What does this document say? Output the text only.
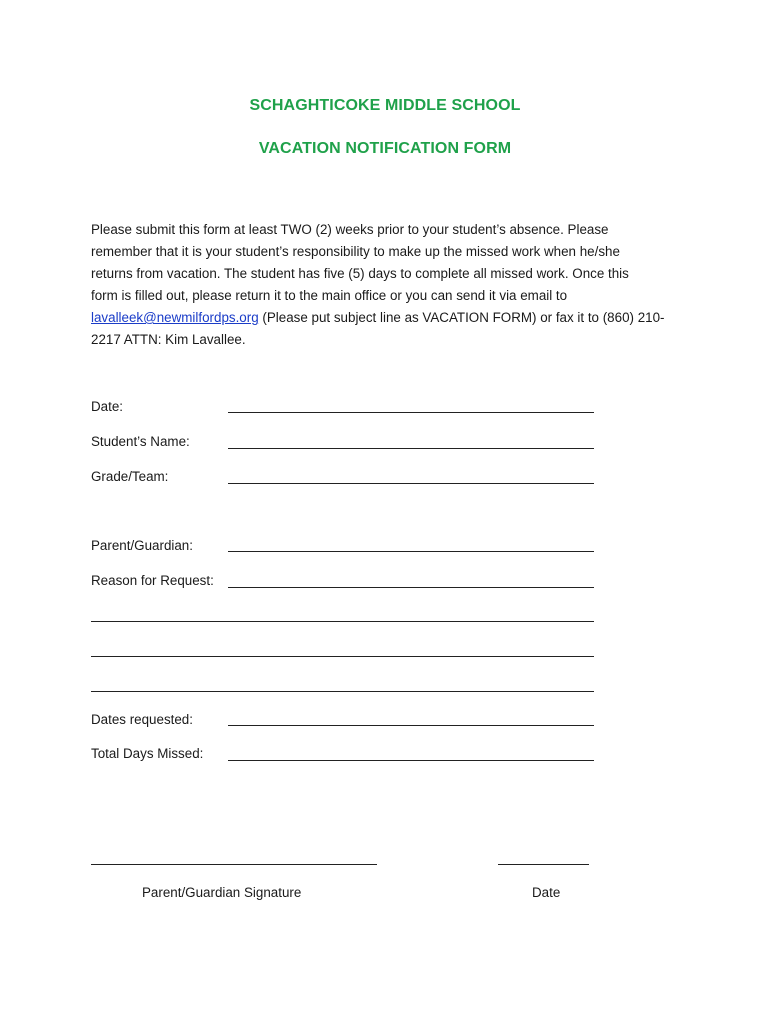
SCHAGHTICOKE MIDDLE SCHOOL
VACATION NOTIFICATION FORM
Please submit this form at least TWO (2) weeks prior to your student’s absence. Please
remember that it is your student’s responsibility to make up the missed work when he/she
returns from vacation. The student has five (5) days to complete all missed work. Once this
form is filled out, please return it to the main office or you can send it via email to
lavalleek@newmilfordps.org (Please put subject line as VACATION FORM) or fax it to (860) 210-
2217 ATTN: Kim Lavallee.
Date:
Student’s Name:
Grade/Team:
Parent/Guardian:
Reason for Request:
Dates requested:
Total Days Missed:
Parent/Guardian Signature	Date
